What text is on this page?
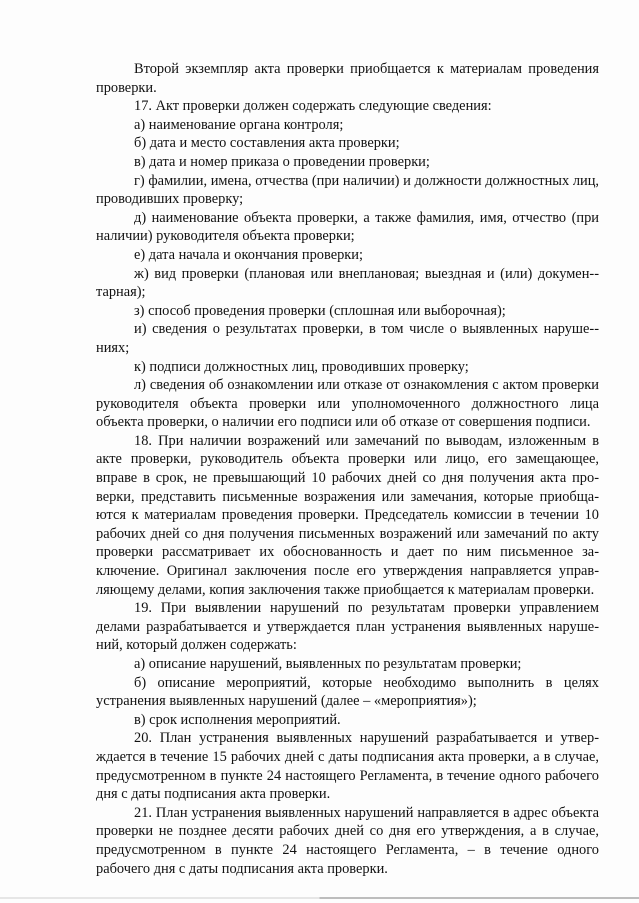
Второй экземпляр акта проверки приобщается к материалам проведения проверки.

17. Акт проверки должен содержать следующие сведения:

а) наименование органа контроля;

б) дата и место составления акта проверки;

в) дата и номер приказа о проведении проверки;

г) фамилии, имена, отчества (при наличии) и должности должностных лиц, проводивших проверку;

д) наименование объекта проверки, а также фамилия, имя, отчество (при наличии) руководителя объекта проверки;

е) дата начала и окончания проверки;

ж) вид проверки (плановая или внеплановая; выездная и (или) докумен-тарная);

з) способ проведения проверки (сплошная или выборочная);

и) сведения о результатах проверки, в том числе о выявленных наруше-ниях;

к) подписи должностных лиц, проводивших проверку;

л) сведения об ознакомлении или отказе от ознакомления с актом проверки руководителя объекта проверки или уполномоченного должностного лица объекта проверки, о наличии его подписи или об отказе от совершения подписи.

18. При наличии возражений или замечаний по выводам, изложенным в акте проверки, руководитель объекта проверки или лицо, его замещающее, вправе в срок, не превышающий 10 рабочих дней со дня получения акта проверки, представить письменные возражения или замечания, которые приобщаются к материалам проведения проверки. Председатель комиссии в течении 10 рабочих дней со дня получения письменных возражений или замечаний по акту проверки рассматривает их обоснованность и дает по ним письменное заключение. Оригинал заключения после его утверждения направляется управляющему делами, копия заключения также приобщается к материалам проверки.

19. При выявлении нарушений по результатам проверки управлением делами разрабатывается и утверждается план устранения выявленных нарушений, который должен содержать:

а) описание нарушений, выявленных по результатам проверки;

б) описание мероприятий, которые необходимо выполнить в целях устранения выявленных нарушений (далее – «мероприятия»);

в) срок исполнения мероприятий.

20. План устранения выявленных нарушений разрабатывается и утверждается в течение 15 рабочих дней с даты подписания акта проверки, а в случае, предусмотренном в пункте 24 настоящего Регламента, в течение одного рабочего дня с даты подписания акта проверки.

21. План устранения выявленных нарушений направляется в адрес объекта проверки не позднее десяти рабочих дней со дня его утверждения, а в случае, предусмотренном в пункте 24 настоящего Регламента, – в течение одного рабочего дня с даты подписания акта проверки.
